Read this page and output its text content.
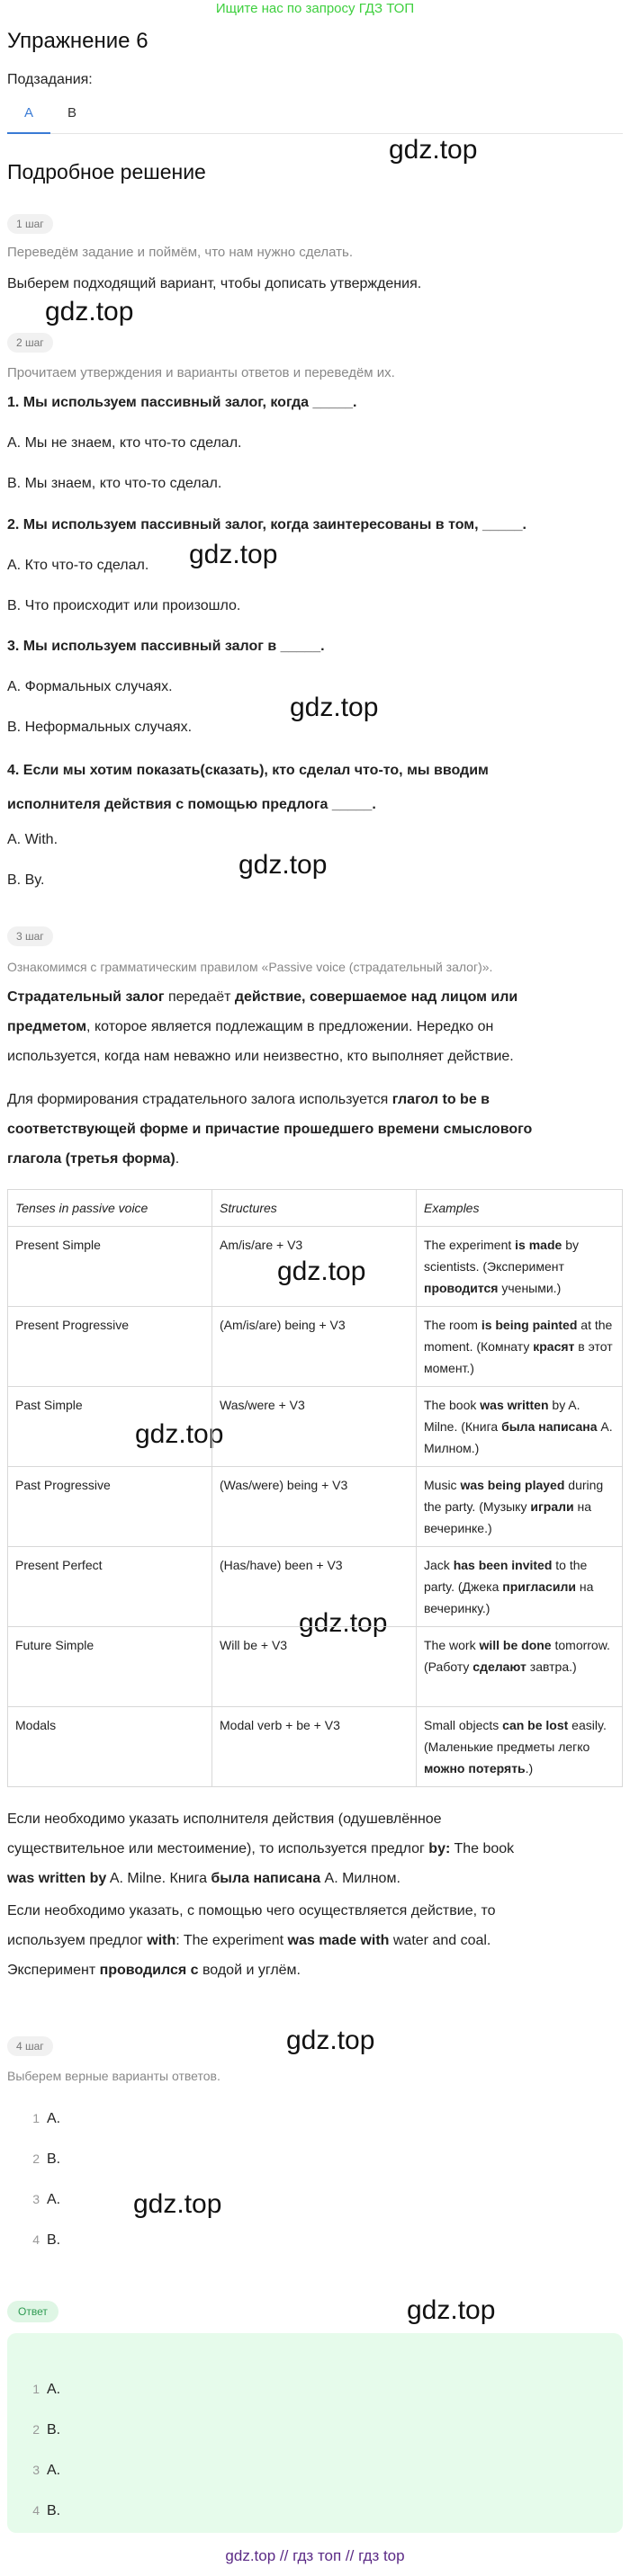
Ищите нас по запросу ГДЗ ТОП
Упражнение 6
Подзадания:
A	B
Подробное решение
gdz.top
gdz.top
gdz.top
gdz.top
gdz.top
gdz.top
gdz.top
gdz.top
gdz.top
gdz.top
gdz.top
1 шаг
Переведём задание и поймём, что нам нужно сделать.
Выберем подходящий вариант, чтобы дописать утверждения.
2 шаг
Прочитаем утверждения и варианты ответов и переведём их.
1. Мы используем пассивный залог, когда _____.
A. Мы не знаем, кто что-то сделал.
B. Мы знаем, кто что-то сделал.
2. Мы используем пассивный залог, когда заинтересованы в том, _____.
A. Кто что-то сделал.
B. Что происходит или произошло.
3. Мы используем пассивный залог в _____.
A. Формальных случаях.
B. Неформальных случаях.
4. Если мы хотим показать(сказать), кто сделал что-то, мы вводим
исполнителя действия с помощью предлога _____.
A. With.
B. By.
3 шаг
Ознакомимся с грамматическим правилом «Passive voice (страдательный залог)».
Страдательный залог передаёт действие, совершаемое над лицом или
предметом, которое является подлежащим в предложении. Нередко он
используется, когда нам неважно или неизвестно, кто выполняет действие.
Для формирования страдательного залога используется глагол to be в
соответствующей форме и причастие прошедшего времени смыслового
глагола (третья форма).
Tenses in passive voice	Structures	Examples
Present Simple	Am/is/are + V3	The experiment is made by scientists. (Эксперимент проводится учеными.)
Present Progressive	(Am/is/are) being + V3	The room is being painted at the moment. (Комнату красят в этот момент.)
Past Simple	Was/were + V3	The book was written by A. Milne. (Книга была написана А. Милном.)
Past Progressive	(Was/were) being + V3	Music was being played during the party. (Музыку играли на вечеринке.)
Present Perfect	(Has/have) been + V3	Jack has been invited to the party. (Джека пригласили на вечеринку.)
Future Simple	Will be + V3	The work will be done tomorrow. (Работу сделают завтра.)
Modals	Modal verb + be + V3	Small objects can be lost easily. (Маленькие предметы легко можно потерять.)
Если необходимо указать исполнителя действия (одушевлённое
существительное или местоимение), то используется предлог by: The book
was written by A. Milne. Книга была написана А. Милном.
Если необходимо указать, с помощью чего осуществляется действие, то
используем предлог with: The experiment was made with water and coal.
Эксперимент проводился с водой и углём.
4 шаг
Выберем верные варианты ответов.
1 A.
2 B.
3 A.
4 B.
Ответ
1 A.
2 B.
3 A.
4 B.
gdz.top // гдз топ // гдз top
